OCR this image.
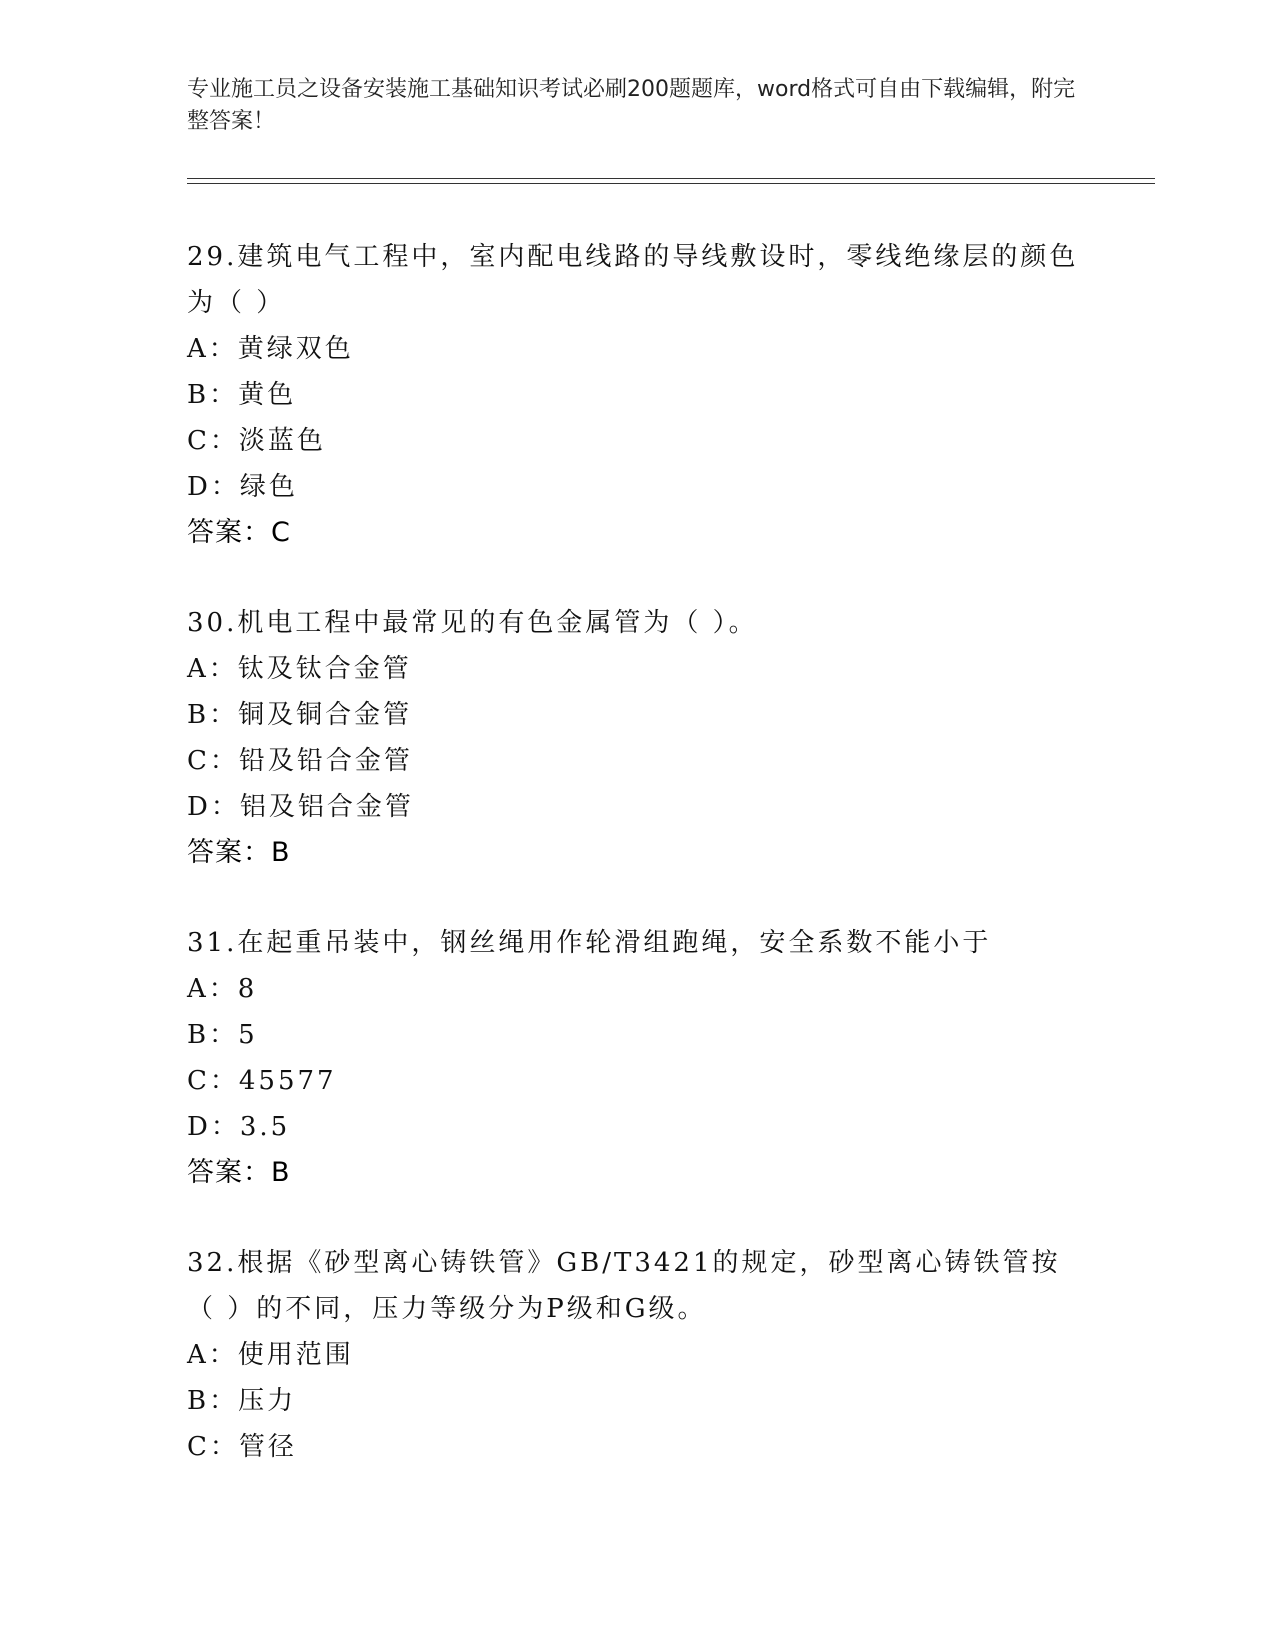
专业施工员之设备安装施工基础知识考试必刷200题题库，word格式可自由下载编辑，附完整答案！
29.建筑电气工程中，室内配电线路的导线敷设时，零线绝缘层的颜色为（ ）
A：黄绿双色
B：黄色
C：淡蓝色
D：绿色
答案：C
30.机电工程中最常见的有色金属管为（ ）。
A：钛及钛合金管
B：铜及铜合金管
C：铅及铅合金管
D：铝及铝合金管
答案：B
31.在起重吊装中，钢丝绳用作轮滑组跑绳，安全系数不能小于
A：8
B：5
C：45577
D：3.5
答案：B
32.根据《砂型离心铸铁管》GB/T3421的规定，砂型离心铸铁管按（ ）的不同，压力等级分为P级和G级。
A：使用范围
B：压力
C：管径
